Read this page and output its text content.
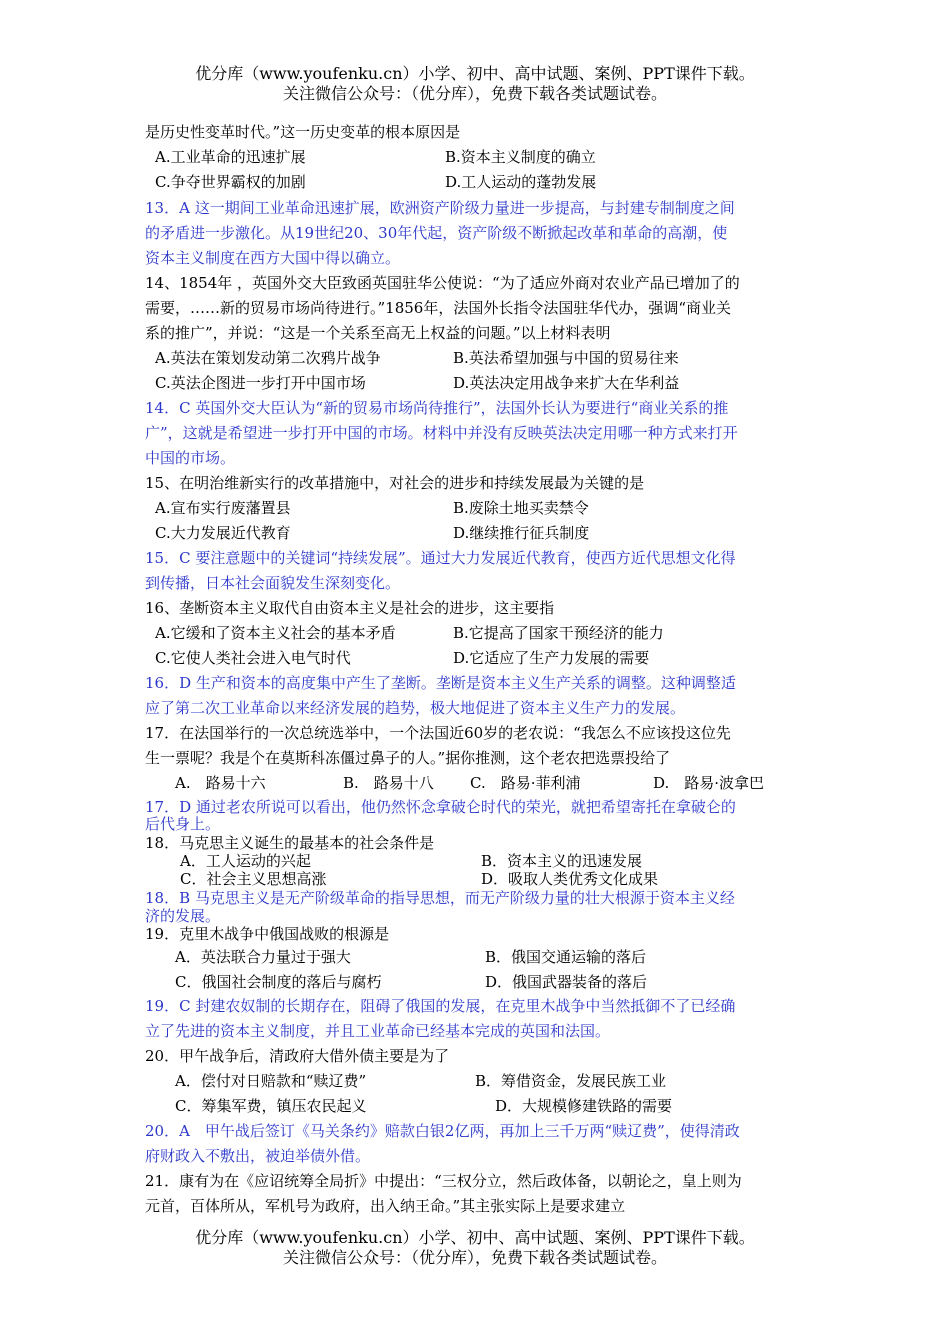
优分库（www.youfenku.cn）小学、初中、高中试题、案例、PPT课件下载。
关注微信公众号：（优分库），免费下载各类试题试卷。
是历史性变革时代。”这一历史变革的根本原因是
A.工业革命的迅速扩展	B.资本主义制度的确立
C.争夺世界霸权的加剧	D.工人运动的蓬勃发展
13．A 这一期间工业革命迅速扩展，欧洲资产阶级力量进一步提高，与封建专制制度之间
的矛盾进一步激化。从19世纪20、30年代起，资产阶级不断掀起改革和革命的高潮，使
资本主义制度在西方大国中得以确立。
14、1854年 ，英国外交大臣致函英国驻华公使说：“为了适应外商对农业产品已增加了的
需要，……新的贸易市场尚待进行。”1856年，法国外长指令法国驻华代办，强调“商业关
系的推广”，并说：“这是一个关系至高无上权益的问题。”以上材料表明
A.英法在策划发动第二次鸦片战争	B.英法希望加强与中国的贸易往来
C.英法企图进一步打开中国市场	D.英法决定用战争来扩大在华利益
14．C 英国外交大臣认为“新的贸易市场尚待推行”，法国外长认为要进行“商业关系的推
广”，这就是希望进一步打开中国的市场。材料中并没有反映英法决定用哪一种方式来打开
中国的市场。
15、在明治维新实行的改革措施中，对社会的进步和持续发展最为关键的是
A.宣布实行废藩置县	B.废除土地买卖禁令
C.大力发展近代教育	D.继续推行征兵制度
15．C 要注意题中的关键词“持续发展”。通过大力发展近代教育，使西方近代思想文化得
到传播，日本社会面貌发生深刻变化。
16、垄断资本主义取代自由资本主义是社会的进步，这主要指
A.它缓和了资本主义社会的基本矛盾	B.它提高了国家干预经济的能力
C.它使人类社会进入电气时代	D.它适应了生产力发展的需要
16．D 生产和资本的高度集中产生了垄断。垄断是资本主义生产关系的调整。这种调整适
应了第二次工业革命以来经济发展的趋势，极大地促进了资本主义生产力的发展。
17．在法国举行的一次总统选举中，一个法国近60岁的老农说：“我怎么不应该投这位先
生一票呢？我是个在莫斯科冻僵过鼻子的人。”据你推测，这个老农把选票投给了
A.　路易十六	B.　路易十八 C.　路易·菲利浦	D.　路易·波拿巴
17．D 通过老农所说可以看出，他仍然怀念拿破仑时代的荣光，就把希望寄托在拿破仑的
后代身上。
18．马克思主义诞生的最基本的社会条件是
A．工人运动的兴起	B．资本主义的迅速发展
C．社会主义思想高涨	D．吸取人类优秀文化成果
18．B 马克思主义是无产阶级革命的指导思想，而无产阶级力量的壮大根源于资本主义经
济的发展。
19．克里木战争中俄国战败的根源是
A．英法联合力量过于强大	B．俄国交通运输的落后
C．俄国社会制度的落后与腐朽	D．俄国武器装备的落后
19．C 封建农奴制的长期存在，阻碍了俄国的发展，在克里木战争中当然抵御不了已经确
立了先进的资本主义制度，并且工业革命已经基本完成的英国和法国。
20．甲午战争后，清政府大借外债主要是为了
A．偿付对日赔款和“赎辽费”	B．筹借资金，发展民族工业
C．筹集军费，镇压农民起义	D．大规模修建铁路的需要
20．A　甲午战后签订《马关条约》赔款白银2亿两，再加上三千万两“赎辽费”，使得清政
府财政入不敷出，被迫举债外借。
21．康有为在《应诏统筹全局折》中提出：“三权分立，然后政体备，以朝论之，皇上则为
元首，百体所从，军机号为政府，出入纳王命。”其主张实际上是要求建立
优分库（www.youfenku.cn）小学、初中、高中试题、案例、PPT课件下载。
关注微信公众号：（优分库），免费下载各类试题试卷。
